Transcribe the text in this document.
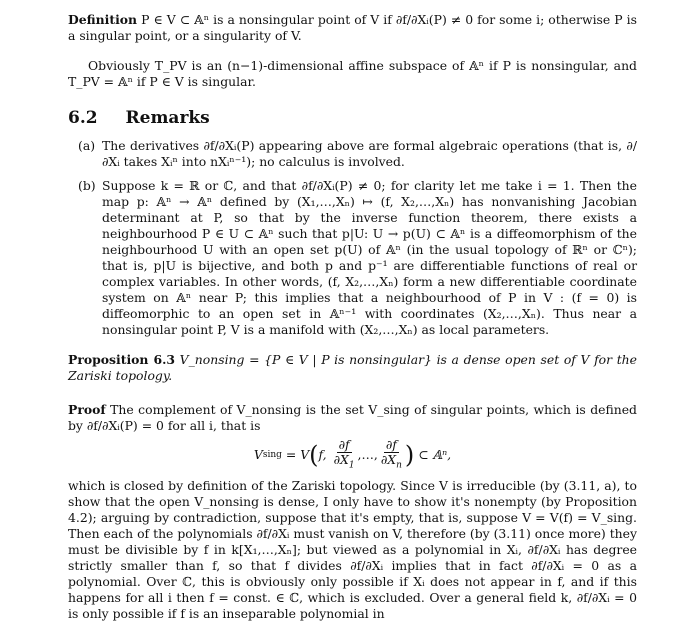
Definition P ∈ V ⊂ 𝔸ⁿ is a nonsingular point of V if ∂f/∂Xᵢ(P) ≠ 0 for some i; otherwise P is a singular point, or a singularity of V.

Obviously T_PV is an (n−1)-dimensional affine subspace of 𝔸ⁿ if P is nonsingular, and T_PV = 𝔸ⁿ if P ∈ V is singular.

6.2 Remarks
(a) The derivatives ∂f/∂Xᵢ(P) appearing above are formal algebraic operations (that is, ∂/∂Xᵢ takes Xᵢⁿ into nXᵢⁿ⁻¹); no calculus is involved.
(b) Suppose k = ℝ or ℂ, and that ∂f/∂Xᵢ(P) ≠ 0; for clarity let me take i = 1. Then the map p: 𝔸ⁿ → 𝔸ⁿ defined by (X₁,…,Xₙ) ↦ (f, X₂,…,Xₙ) has nonvanishing Jacobian determinant at P, so that by the inverse function theorem, there exists a neighbourhood P ∈ U ⊂ 𝔸ⁿ such that p|U: U → p(U) ⊂ 𝔸ⁿ is a diffeomorphism of the neighbourhood U with an open set p(U) of 𝔸ⁿ (in the usual topology of ℝⁿ or ℂⁿ); that is, p|U is bijective, and both p and p⁻¹ are differentiable functions of real or complex variables. In other words, (f, X₂,…,Xₙ) form a new differentiable coordinate system on 𝔸ⁿ near P; this implies that a neighbourhood of P in V : (f = 0) is diffeomorphic to an open set in 𝔸ⁿ⁻¹ with coordinates (X₂,…,Xₙ). Thus near a nonsingular point P, V is a manifold with (X₂,…,Xₙ) as local parameters.

Proposition 6.3 V_nonsing = {P ∈ V | P is nonsingular} is a dense open set of V for the Zariski topology.

Proof The complement of V_nonsing is the set V_sing of singular points, which is defined by ∂f/∂Xᵢ(P) = 0 for all i, that is

V sing
= V ( f,
$\frac{\partial f}{\partial X_1}$ ,…, $\frac{\partial f}{\partial X_n}$ )
⊂ 𝔸ⁿ,

which is closed by definition of the Zariski topology. Since V is irreducible (by (3.11, a), to show that the open V_nonsing is dense, I only have to show it's nonempty (by Proposition 4.2); arguing by contradiction, suppose that it's empty, that is, suppose V = V(f) = V_sing. Then each of the polynomials ∂f/∂Xᵢ must vanish on V, therefore (by (3.11) once more) they must be divisible by f in k[X₁,…,Xₙ]; but viewed as a polynomial in Xᵢ, ∂f/∂Xᵢ has degree strictly smaller than f, so that f divides ∂f/∂Xᵢ implies that in fact ∂f/∂Xᵢ = 0 as a polynomial. Over ℂ, this is obviously only possible if Xᵢ does not appear in f, and if this happens for all i then f = const. ∈ ℂ, which is excluded. Over a general field k, ∂f/∂Xᵢ = 0 is only possible if f is an inseparable polynomial in
